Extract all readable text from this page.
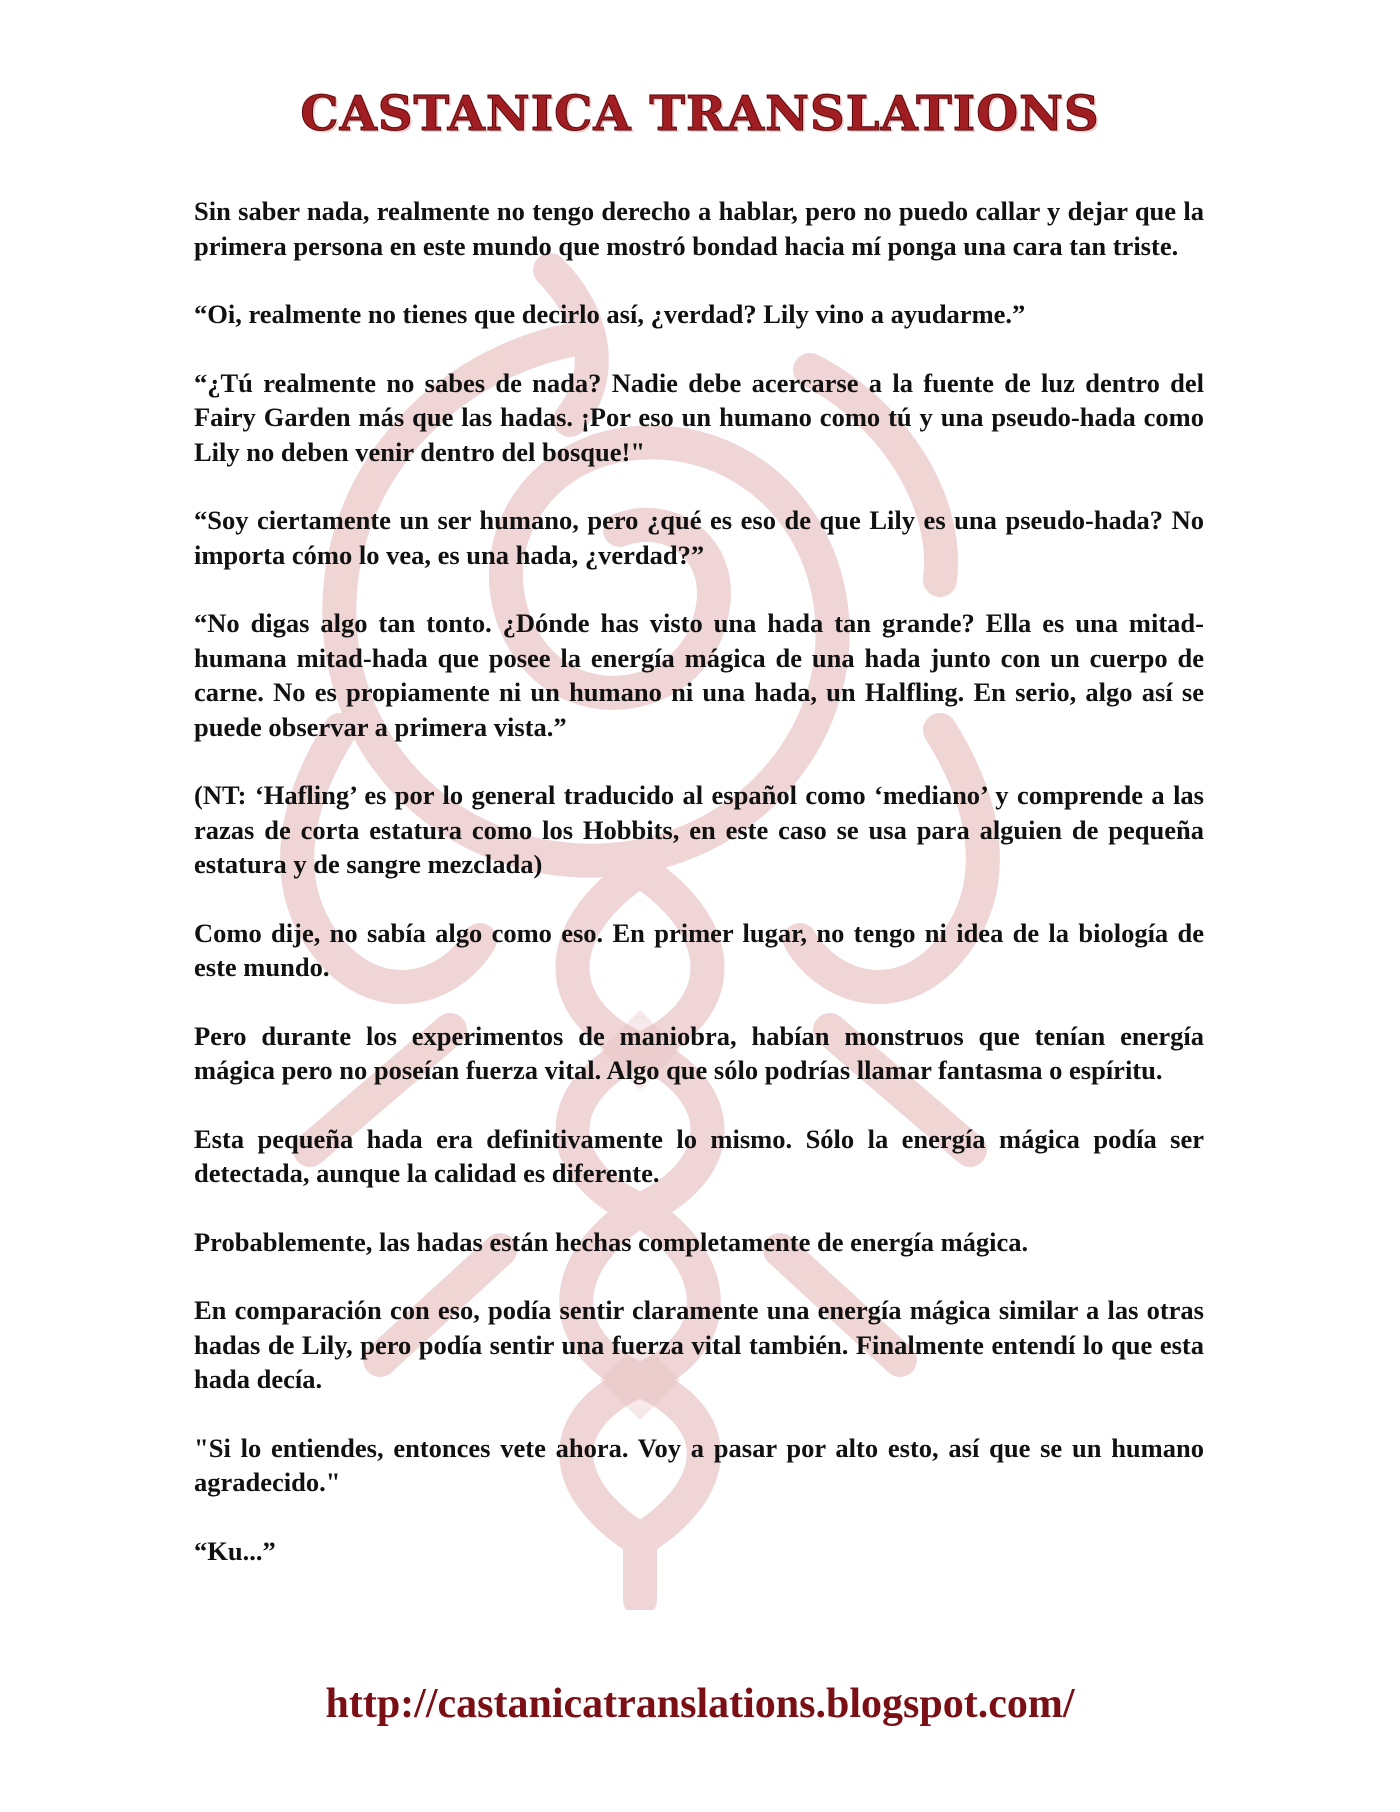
CASTANICA TRANSLATIONS

Sin saber nada, realmente no tengo derecho a hablar, pero no puedo callar y dejar que la primera persona en este mundo que mostró bondad hacia mí ponga una cara tan triste.

“Oi, realmente no tienes que decirlo así, ¿verdad? Lily vino a ayudarme.”

“¿Tú realmente no sabes de nada? Nadie debe acercarse a la fuente de luz dentro del Fairy Garden más que las hadas. ¡Por eso un humano como tú y una pseudo-hada como Lily no deben venir dentro del bosque!"

“Soy ciertamente un ser humano, pero ¿qué es eso de que Lily es una pseudo-hada? No importa cómo lo vea, es una hada, ¿verdad?”

“No digas algo tan tonto. ¿Dónde has visto una hada tan grande? Ella es una mitad-humana mitad-hada que posee la energía mágica de una hada junto con un cuerpo de carne. No es propiamente ni un humano ni una hada, un Halfling. En serio, algo así se puede observar a primera vista.”

(NT: ‘Hafling’ es por lo general traducido al español como ‘mediano’ y comprende a las razas de corta estatura como los Hobbits, en este caso se usa para alguien de pequeña estatura y de sangre mezclada)

Como dije, no sabía algo como eso. En primer lugar, no tengo ni idea de la biología de este mundo.

Pero durante los experimentos de maniobra, habían monstruos que tenían energía mágica pero no poseían fuerza vital. Algo que sólo podrías llamar fantasma o espíritu.

Esta pequeña hada era definitivamente lo mismo. Sólo la energía mágica podía ser detectada, aunque la calidad es diferente.

Probablemente, las hadas están hechas completamente de energía mágica.

En comparación con eso, podía sentir claramente una energía mágica similar a las otras hadas de Lily, pero podía sentir una fuerza vital también. Finalmente entendí lo que esta hada decía.

"Si lo entiendes, entonces vete ahora. Voy a pasar por alto esto, así que se un humano agradecido."

“Ku...”

http://castanicatranslations.blogspot.com/
